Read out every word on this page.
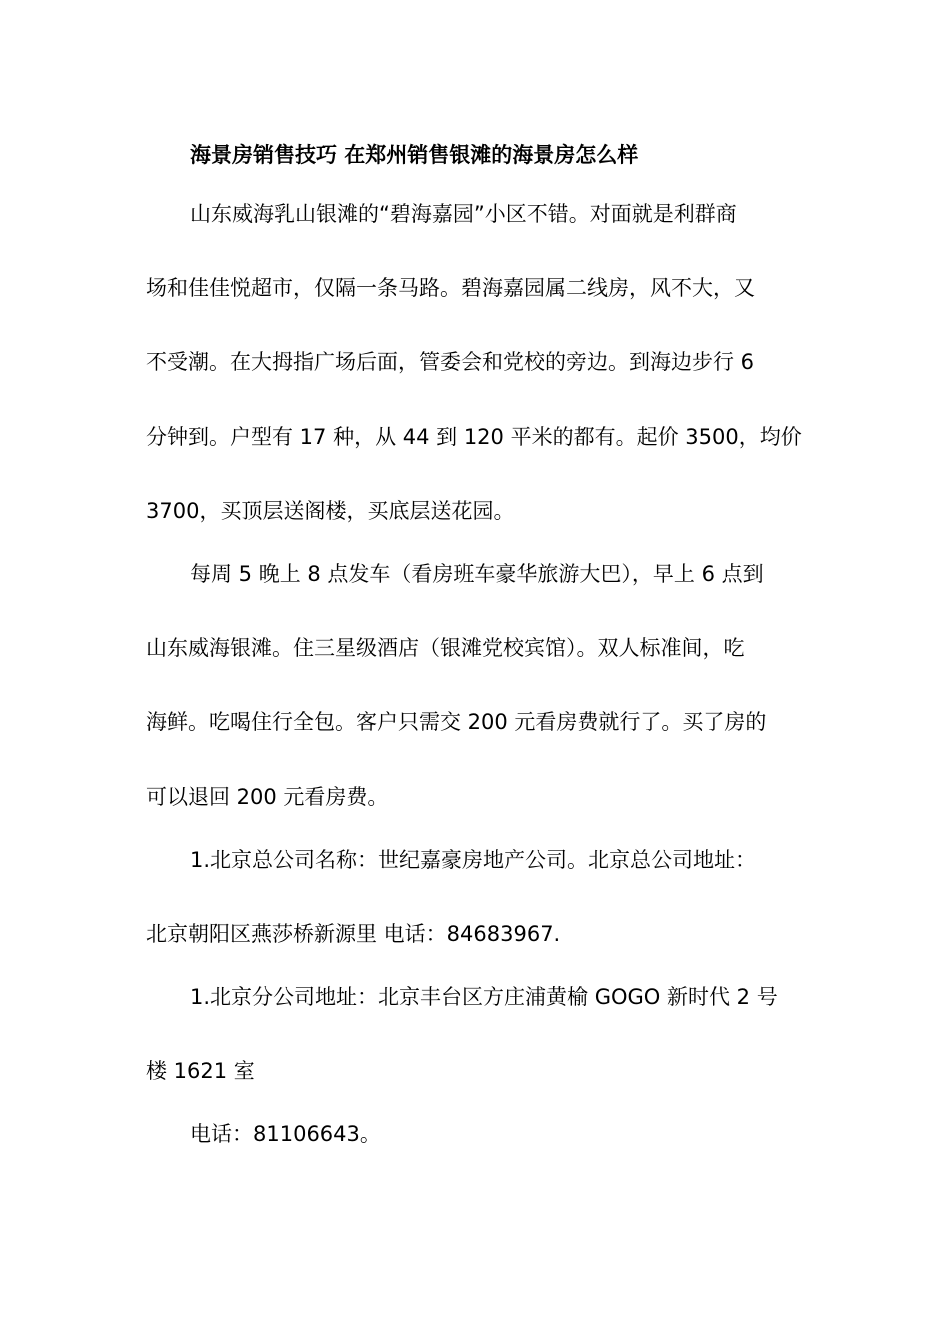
海景房销售技巧 在郑州销售银滩的海景房怎么样
山东威海乳山银滩的“碧海嘉园”小区不错。对面就是利群商
场和佳佳悦超市，仅隔一条马路。碧海嘉园属二线房，风不大，又
不受潮。在大拇指广场后面，管委会和党校的旁边。到海边步行 6
分钟到。户型有 17 种，从 44 到 120 平米的都有。起价 3500，均价
3700，买顶层送阁楼，买底层送花园。
每周 5 晚上 8 点发车（看房班车豪华旅游大巴），早上 6 点到
山东威海银滩。住三星级酒店（银滩党校宾馆）。双人标准间，吃
海鲜。吃喝住行全包。客户只需交 200 元看房费就行了。买了房的
可以退回 200 元看房费。
1.北京总公司名称：世纪嘉豪房地产公司。北京总公司地址：
北京朝阳区燕莎桥新源里 电话：84683967.
1.北京分公司地址：北京丰台区方庄浦黄榆 GOGO 新时代 2 号
楼 1621 室
电话：81106643。
